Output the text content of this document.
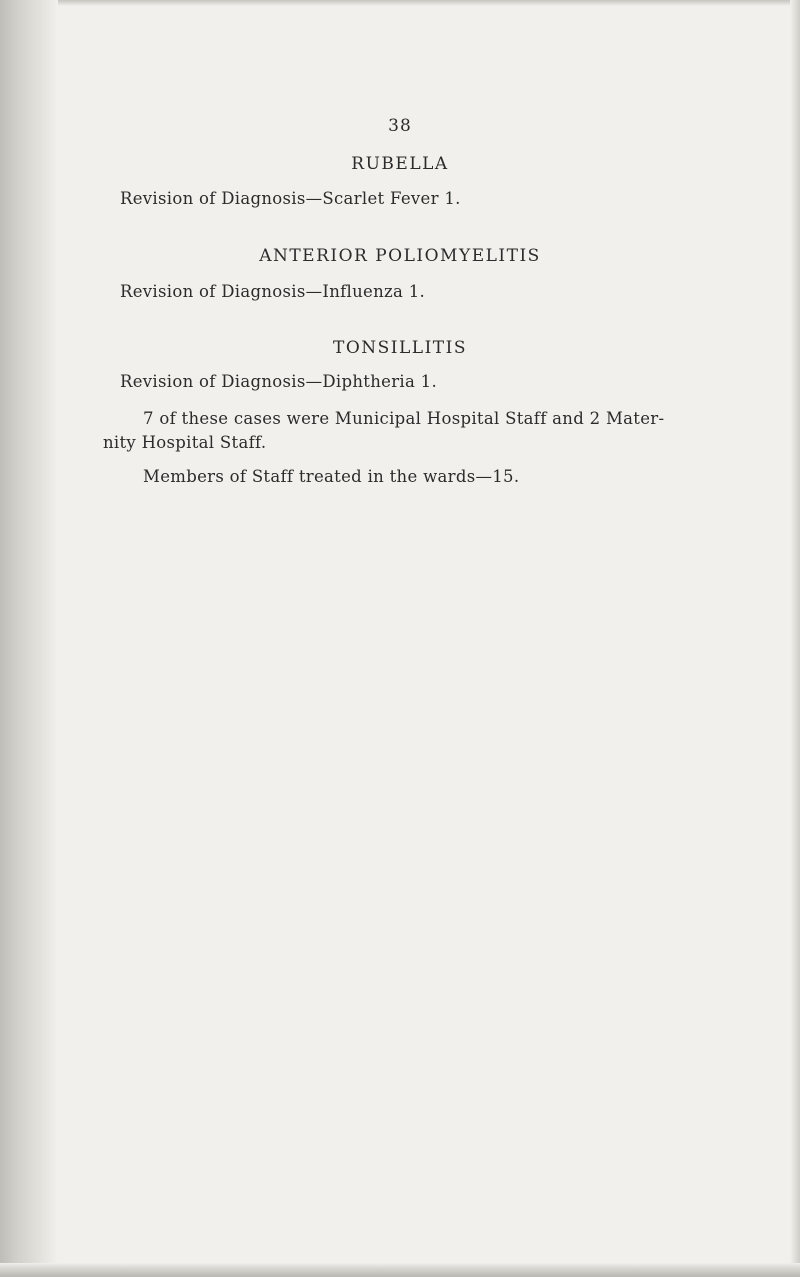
38
RUBELLA
Revision of Diagnosis—Scarlet Fever 1.
ANTERIOR POLIOMYELITIS
Revision of Diagnosis—Influenza 1.
TONSILLITIS
Revision of Diagnosis—Diphtheria 1.
7 of these cases were Municipal Hospital Staff and 2 Mater-
nity Hospital Staff.
Members of Staff treated in the wards—15.
